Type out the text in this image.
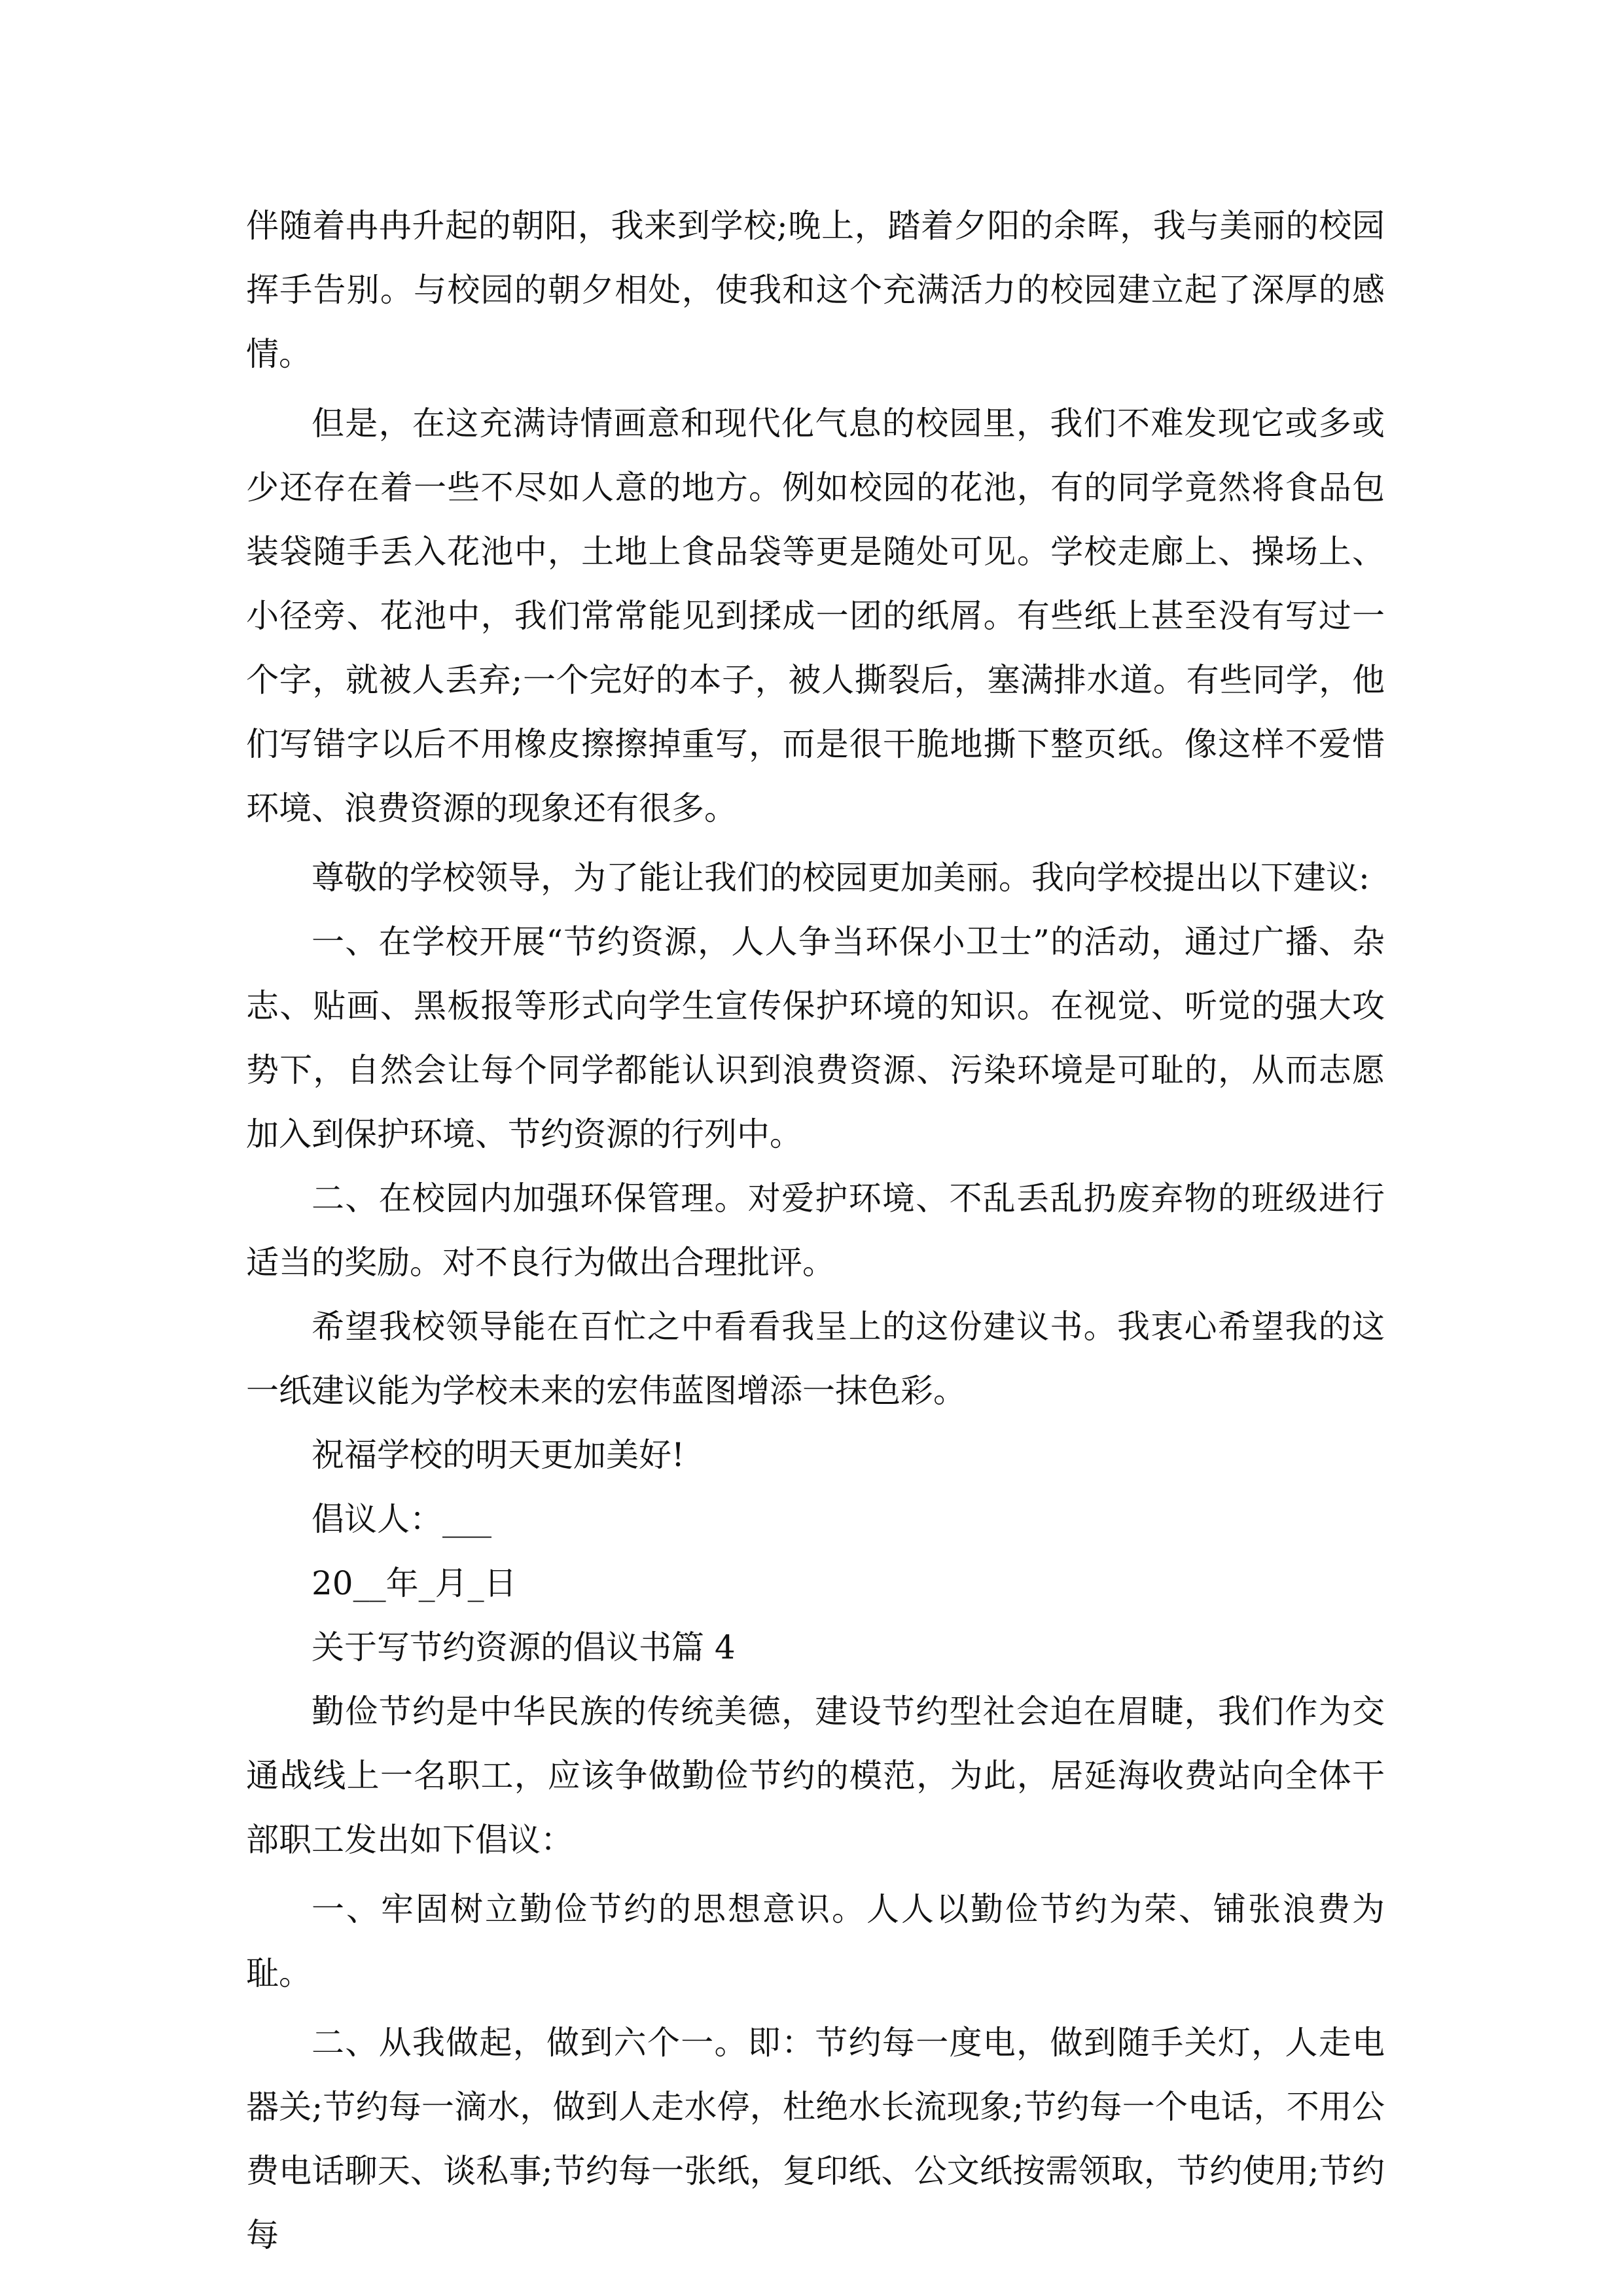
伴随着冉冉升起的朝阳，我来到学校;晚上，踏着夕阳的余晖，我与美丽的校园挥手告别。与校园的朝夕相处，使我和这个充满活力的校园建立起了深厚的感情。

但是，在这充满诗情画意和现代化气息的校园里，我们不难发现它或多或少还存在着一些不尽如人意的地方。例如校园的花池，有的同学竟然将食品包装袋随手丢入花池中，土地上食品袋等更是随处可见。学校走廊上、操场上、小径旁、花池中，我们常常能见到揉成一团的纸屑。有些纸上甚至没有写过一个字，就被人丢弃;一个完好的本子，被人撕裂后，塞满排水道。有些同学，他们写错字以后不用橡皮擦擦掉重写，而是很干脆地撕下整页纸。像这样不爱惜环境、浪费资源的现象还有很多。

尊敬的学校领导，为了能让我们的校园更加美丽。我向学校提出以下建议:

一、在学校开展“节约资源，人人争当环保小卫士”的活动，通过广播、杂志、贴画、黑板报等形式向学生宣传保护环境的知识。在视觉、听觉的强大攻势下，自然会让每个同学都能认识到浪费资源、污染环境是可耻的，从而志愿加入到保护环境、节约资源的行列中。

二、在校园内加强环保管理。对爱护环境、不乱丢乱扔废弃物的班级进行适当的奖励。对不良行为做出合理批评。

希望我校领导能在百忙之中看看我呈上的这份建议书。我衷心希望我的这一纸建议能为学校未来的宏伟蓝图增添一抹色彩。

祝福学校的明天更加美好!

倡议人：___

20__年_月_日

关于写节约资源的倡议书篇 4

勤俭节约是中华民族的传统美德，建设节约型社会迫在眉睫，我们作为交通战线上一名职工，应该争做勤俭节约的模范，为此，居延海收费站向全体干部职工发出如下倡议：

一、牢固树立勤俭节约的思想意识。人人以勤俭节约为荣、铺张浪费为耻。

二、从我做起，做到六个一。即：节约每一度电，做到随手关灯，人走电器关;节约每一滴水，做到人走水停，杜绝水长流现象;节约每一个电话，不用公费电话聊天、谈私事;节约每一张纸，复印纸、公文纸按需领取，节约使用;节约每
